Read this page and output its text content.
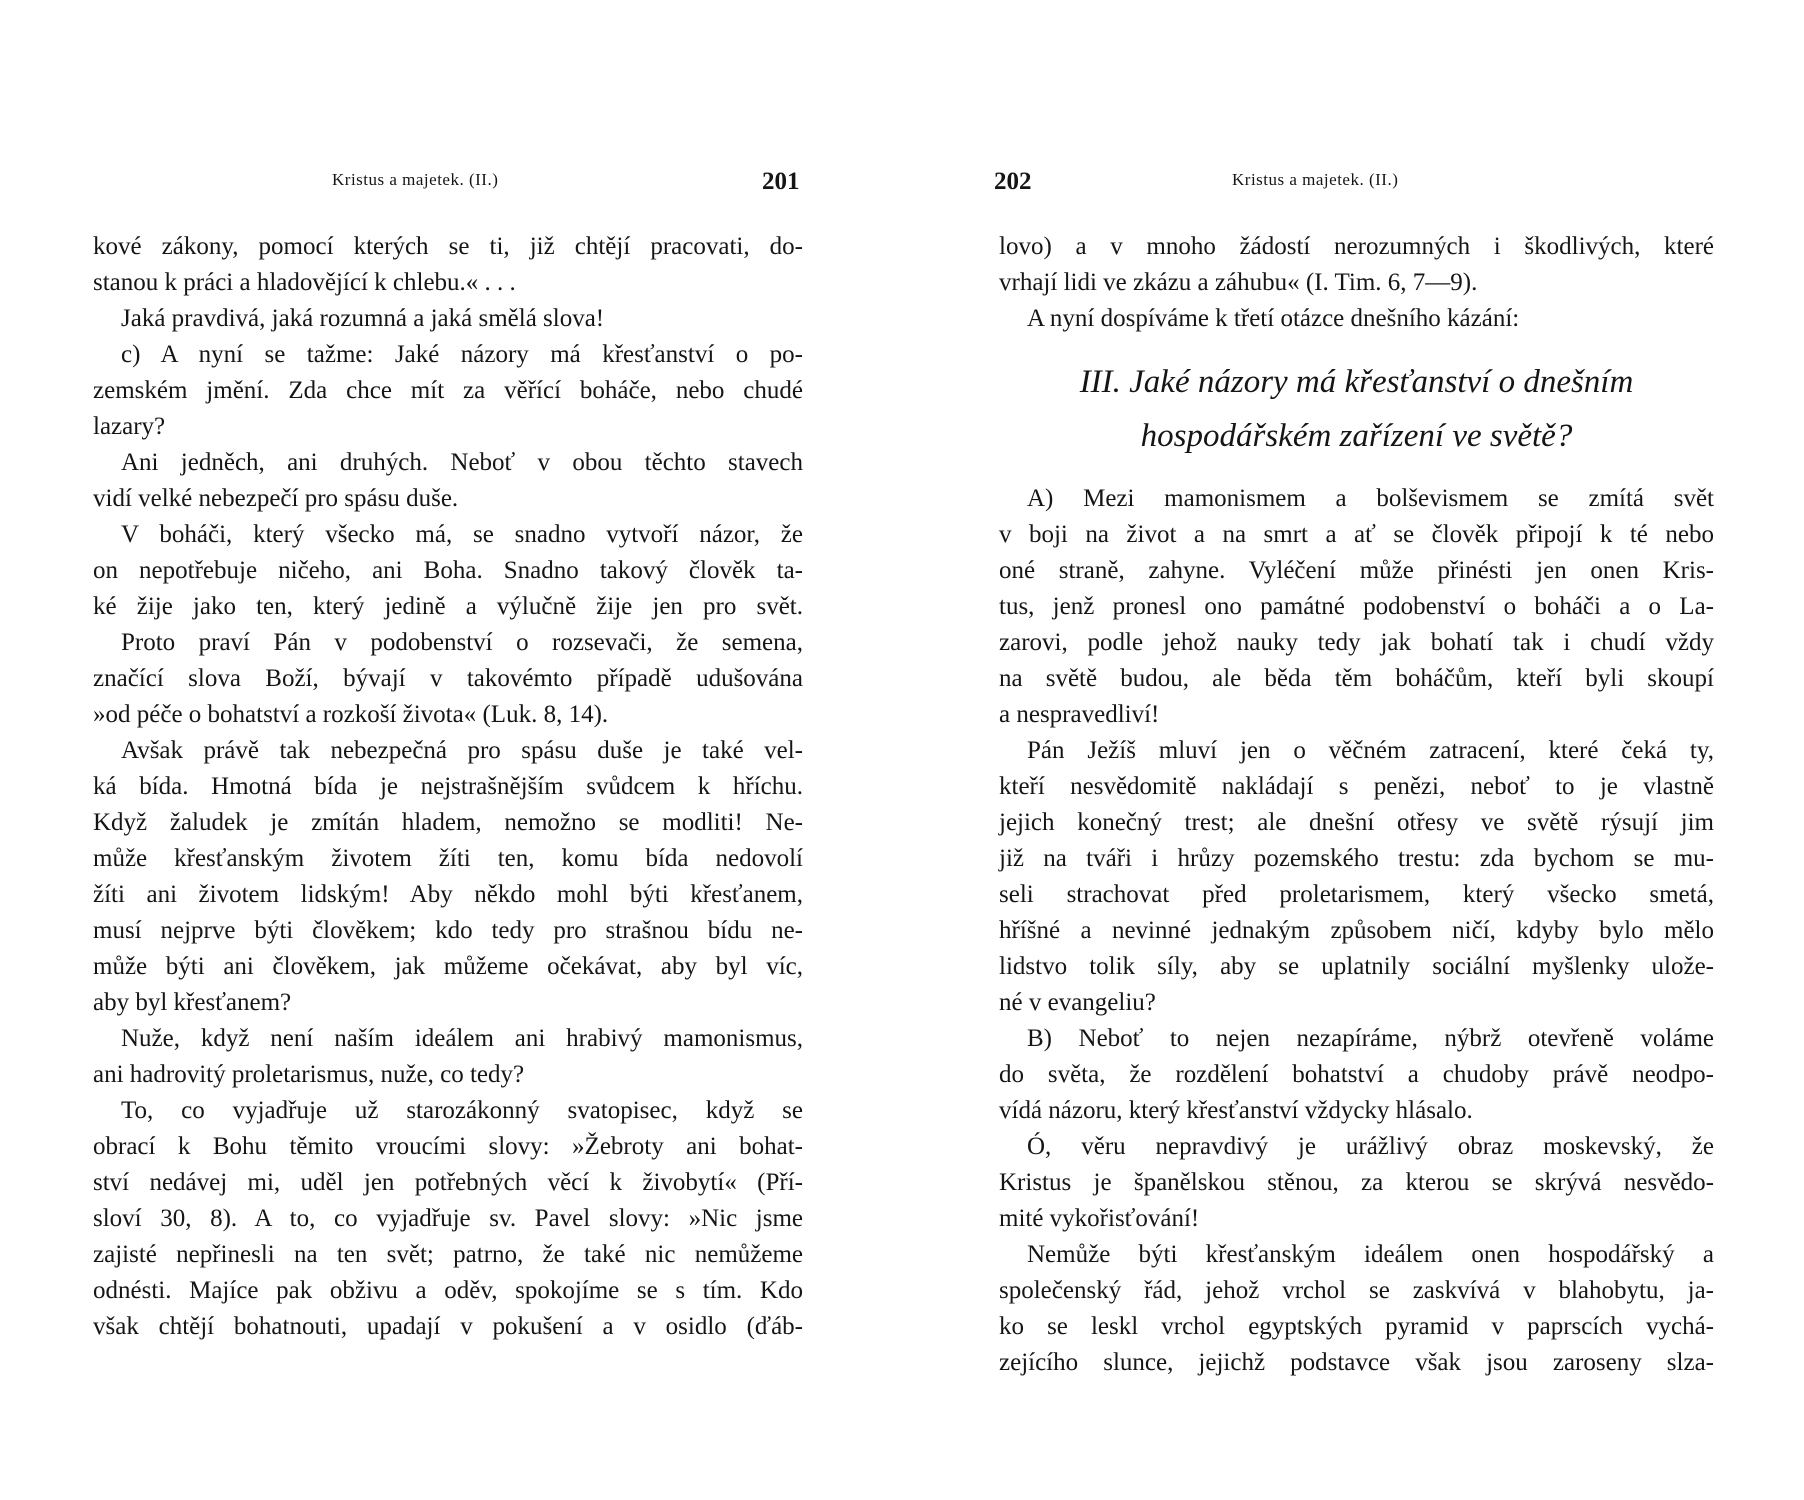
Kristus a majetek. (II.)	201
kové zákony, pomocí kterých se ti, již chtějí pracovati, do-
stanou k práci a hladovějící k chlebu.« . . .
Jaká pravdivá, jaká rozumná a jaká smělá slova!
c) A nyní se tažme: Jaké názory má křesťanství o po-
zemském jmění. Zda chce mít za věřící boháče, nebo chudé
lazary?
Ani jedněch, ani druhých. Neboť v obou těchto stavech
vidí velké nebezpečí pro spásu duše.
V boháči, který všecko má, se snadno vytvoří názor, že
on nepotřebuje ničeho, ani Boha. Snadno takový člověk ta-
ké žije jako ten, který jedině a výlučně žije jen pro svět.
Proto praví Pán v podobenství o rozsevači, že semena,
značící slova Boží, bývají v takovémto případě udušována
»od péče o bohatství a rozkoší života« (Luk. 8, 14).
Avšak právě tak nebezpečná pro spásu duše je také vel-
ká bída. Hmotná bída je nejstrašnějším svůdcem k hříchu.
Když žaludek je zmítán hladem, nemožno se modliti! Ne-
může křesťanským životem žíti ten, komu bída nedovolí
žíti ani životem lidským! Aby někdo mohl býti křesťanem,
musí nejprve býti člověkem; kdo tedy pro strašnou bídu ne-
může býti ani člověkem, jak můžeme očekávat, aby byl víc,
aby byl křesťanem?
Nuže, když není naším ideálem ani hrabivý mamonismus,
ani hadrovitý proletarismus, nuže, co tedy?
To, co vyjadřuje už starozákonný svatopisec, když se
obrací k Bohu těmito vroucími slovy: »Žebroty ani bohat-
ství nedávej mi, uděl jen potřebných věcí k živobytí« (Pří-
sloví 30, 8). A to, co vyjadřuje sv. Pavel slovy: »Nic jsme
zajisté nepřinesli na ten svět; patrno, že také nic nemůžeme
odnésti. Majíce pak obživu a oděv, spokojíme se s tím. Kdo
však chtějí bohatnouti, upadají v pokušení a v osidlo (ďáb-
202	Kristus a majetek. (II.)
lovo) a v mnoho žádostí nerozumných i škodlivých, které
vrhají lidi ve zkázu a záhubu« (I. Tim. 6, 7—9).
A nyní dospíváme k třetí otázce dnešního kázání:
III. Jaké názory má křesťanství o dnešním
hospodářském zařízení ve světě?
A) Mezi mamonismem a bolševismem se zmítá svět
v boji na život a na smrt a ať se člověk připojí k té nebo
oné straně, zahyne. Vyléčení může přinésti jen onen Kris-
tus, jenž pronesl ono památné podobenství o boháči a o La-
zarovi, podle jehož nauky tedy jak bohatí tak i chudí vždy
na světě budou, ale běda těm boháčům, kteří byli skoupí
a nespravedliví!
Pán Ježíš mluví jen o věčném zatracení, které čeká ty,
kteří nesvědomitě nakládají s penězi, neboť to je vlastně
jejich konečný trest; ale dnešní otřesy ve světě rýsují jim
již na tváři i hrůzy pozemského trestu: zda bychom se mu-
seli strachovat před proletarismem, který všecko smetá,
hříšné a nevinné jednakým způsobem ničí, kdyby bylo mělo
lidstvo tolik síly, aby se uplatnily sociální myšlenky ulože-
né v evangeliu?
B) Neboť to nejen nezapíráme, nýbrž otevřeně voláme
do světa, že rozdělení bohatství a chudoby právě neodpo-
vídá názoru, který křesťanství vždycky hlásalo.
Ó, věru nepravdivý je urážlivý obraz moskevský, že
Kristus je španělskou stěnou, za kterou se skrývá nesvědo-
mité vykořisťování!
Nemůže býti křesťanským ideálem onen hospodářský a
společenský řád, jehož vrchol se zaskvívá v blahobytu, ja-
ko se leskl vrchol egyptských pyramid v paprscích vychá-
zejícího slunce, jejichž podstavce však jsou zaroseny slza-
